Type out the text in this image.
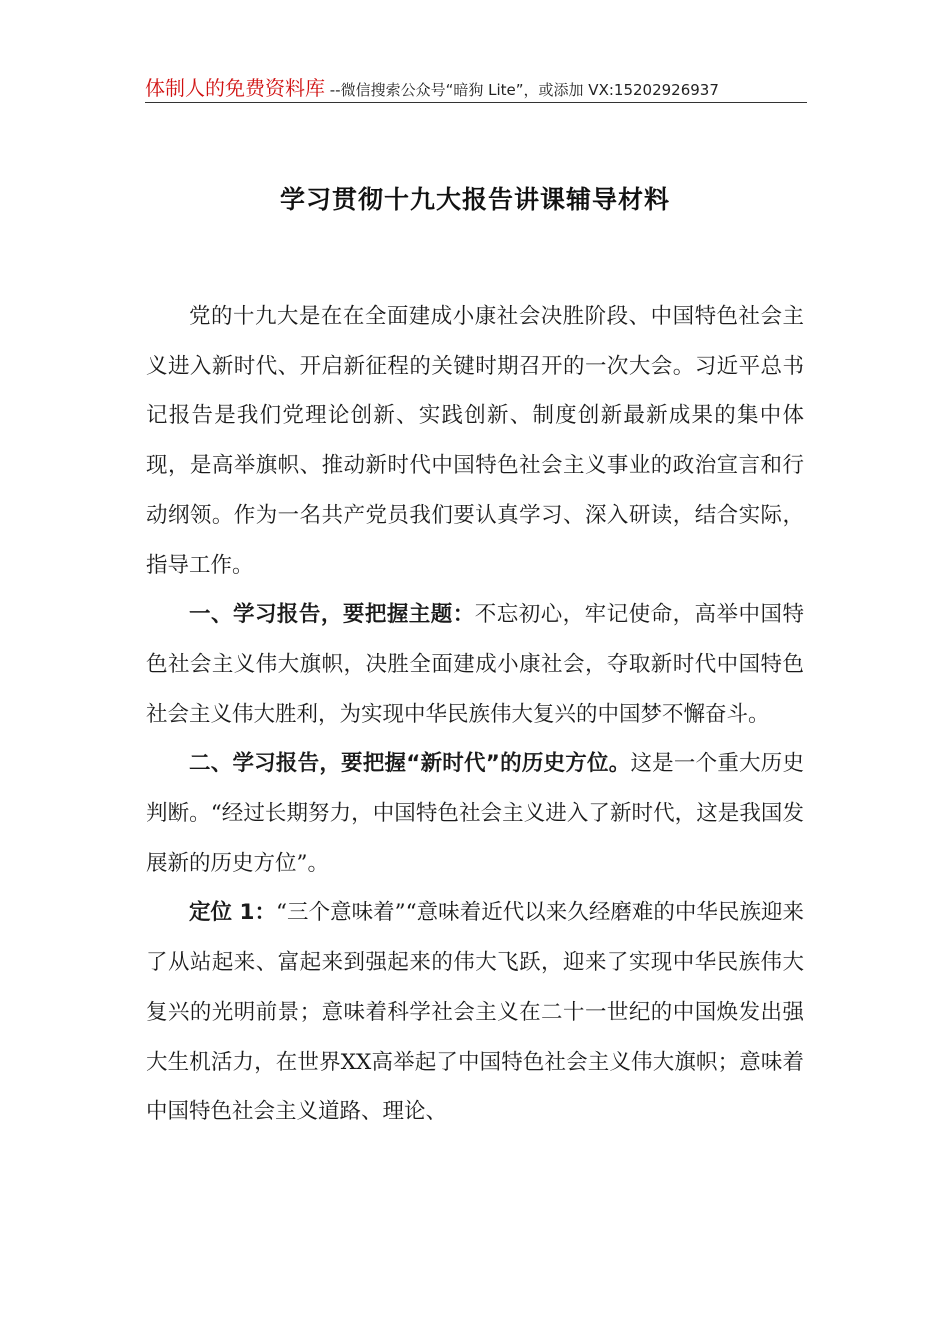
体制人的免费资料库 --微信搜索公众号“暗狗 Lite”，或添加 VX:15202926937
学习贯彻十九大报告讲课辅导材料

党的十九大是在在全面建成小康社会决胜阶段、中国特色社会主义进入新时代、开启新征程的关键时期召开的一次大会。习近平总书记报告是我们党理论创新、实践创新、制度创新最新成果的集中体现，是高举旗帜、推动新时代中国特色社会主义事业的政治宣言和行动纲领。作为一名共产党员我们要认真学习、深入研读，结合实际，指导工作。

一、学习报告，要把握主题：不忘初心，牢记使命，高举中国特色社会主义伟大旗帜，决胜全面建成小康社会，夺取新时代中国特色社会主义伟大胜利，为实现中华民族伟大复兴的中国梦不懈奋斗。

二、学习报告，要把握“新时代”的历史方位。这是一个重大历史判断。“经过长期努力，中国特色社会主义进入了新时代，这是我国发展新的历史方位”。

定位 1：“三个意味着”“意味着近代以来久经磨难的中华民族迎来了从站起来、富起来到强起来的伟大飞跃，迎来了实现中华民族伟大复兴的光明前景；意味着科学社会主义在二十一世纪的中国焕发出强大生机活力，在世界XX高举起了中国特色社会主义伟大旗帜；意味着中国特色社会主义道路、理论、
